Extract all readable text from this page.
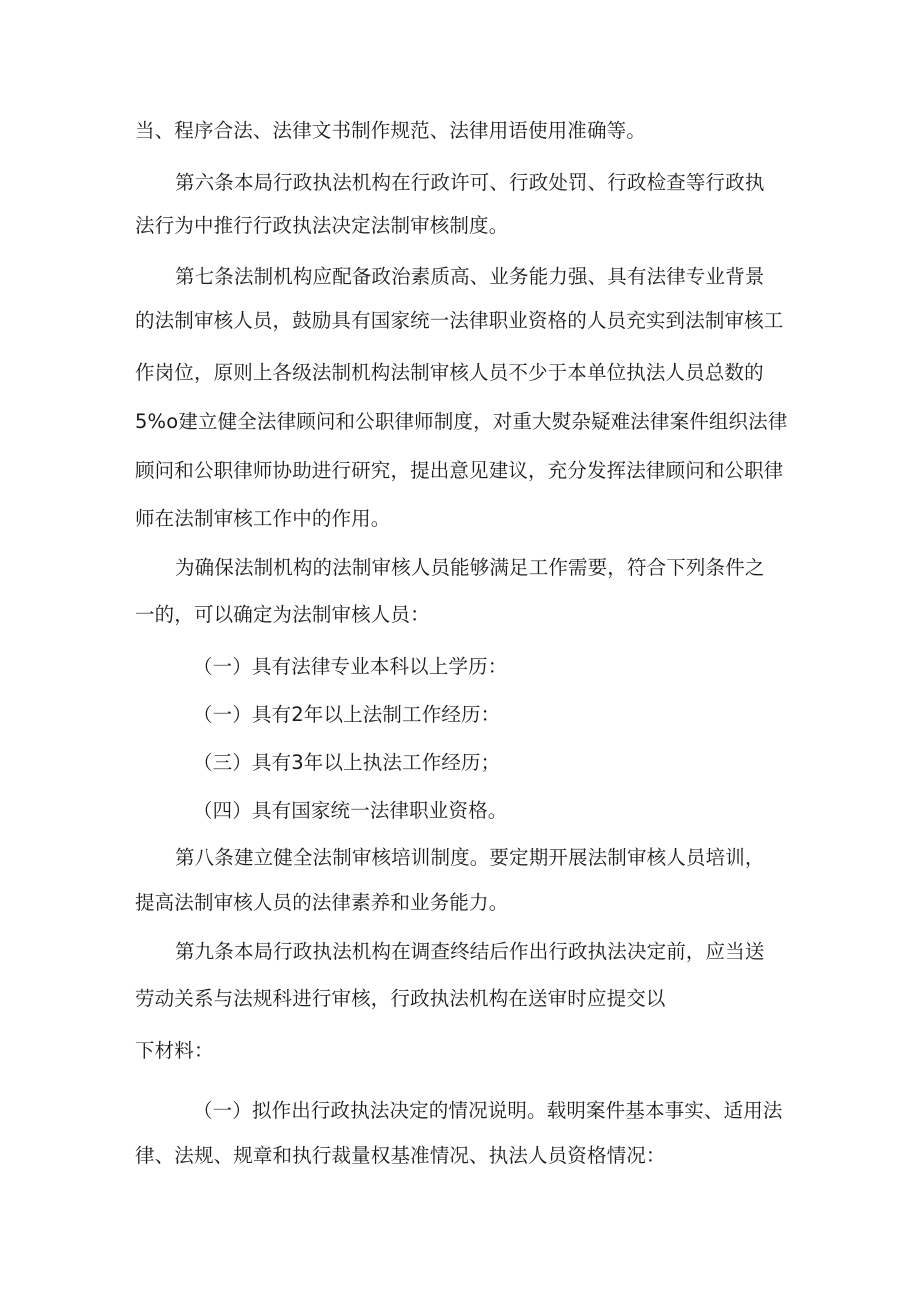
当、程序合法、法律文书制作规范、法律用语使用准确等。
第六条本局行政执法机构在行政许可、行政处罚、行政检查等行政执
法行为中推行行政执法决定法制审核制度。
第七条法制机构应配备政治素质高、业务能力强、具有法律专业背景
的法制审核人员，鼓励具有国家统一法律职业资格的人员充实到法制审核工
作岗位，原则上各级法制机构法制审核人员不少于本单位执法人员总数的
5%o建立健全法律顾问和公职律师制度，对重大熨杂疑难法律案件组织法律
顾问和公职律师协助进行研究，提出意见建议，充分发挥法律顾问和公职律
师在法制审核工作中的作用。
为确保法制机构的法制审核人员能够满足工作需要，符合下列条件之
一的，可以确定为法制审核人员：
（一）具有法律专业本科以上学历：
（一）具有2年以上法制工作经历：
（三）具有3年以上执法工作经历；
（四）具有国家统一法律职业资格。
第八条建立健全法制审核培训制度。要定期开展法制审核人员培训，
提高法制审核人员的法律素养和业务能力。
第九条本局行政执法机构在调查终结后作出行政执法决定前，应当送
劳动关系与法规科进行审核，行政执法机构在送审时应提交以
下材料：
（一）拟作出行政执法决定的情况说明。载明案件基本事实、适用法
律、法规、规章和执行裁量权基准情况、执法人员资格情况：
